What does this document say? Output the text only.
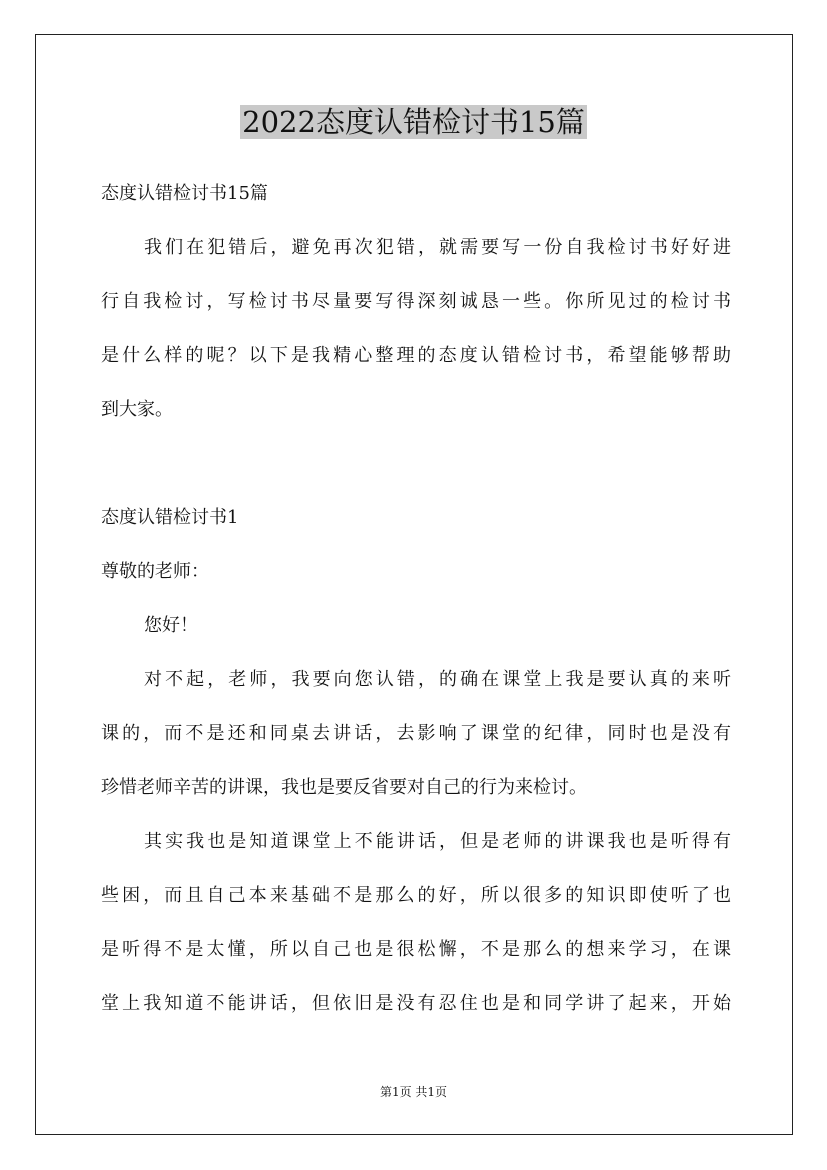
2022态度认错检讨书15篇
态度认错检讨书15篇
我们在犯错后，避免再次犯错，就需要写一份自我检讨书好好进
行自我检讨，写检讨书尽量要写得深刻诚恳一些。你所见过的检讨书
是什么样的呢？以下是我精心整理的态度认错检讨书，希望能够帮助
到大家。
态度认错检讨书1
尊敬的老师：
您好！
对不起，老师，我要向您认错，的确在课堂上我是要认真的来听
课的，而不是还和同桌去讲话，去影响了课堂的纪律，同时也是没有
珍惜老师辛苦的讲课，我也是要反省要对自己的行为来检讨。
其实我也是知道课堂上不能讲话，但是老师的讲课我也是听得有
些困，而且自己本来基础不是那么的好，所以很多的知识即使听了也
是听得不是太懂，所以自己也是很松懈，不是那么的想来学习，在课
堂上我知道不能讲话，但依旧是没有忍住也是和同学讲了起来，开始
第1页 共1页
